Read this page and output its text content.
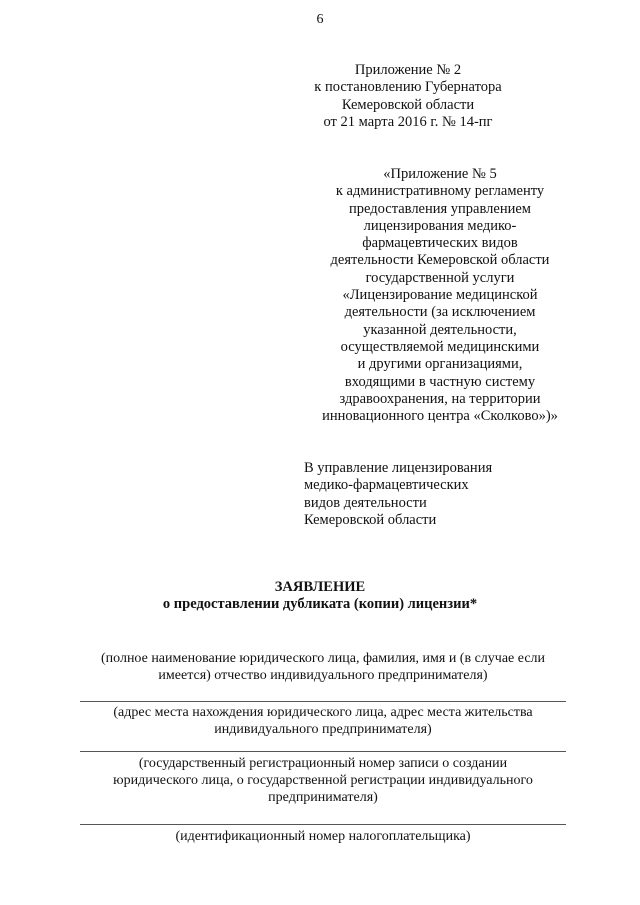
6
Приложение № 2
к постановлению Губернатора
Кемеровской области
от 21 марта 2016 г. № 14-пг
«Приложение № 5
к административному регламенту
предоставления управлением
лицензирования медико-
фармацевтических видов
деятельности Кемеровской области
государственной услуги
«Лицензирование медицинской
деятельности (за исключением
указанной деятельности,
осуществляемой медицинскими
и другими организациями,
входящими в частную систему
здравоохранения, на территории
инновационного центра «Сколково»)»
В управление лицензирования
медико-фармацевтических
видов деятельности
Кемеровской области
ЗАЯВЛЕНИЕ
о предоставлении дубликата (копии) лицензии*
(полное наименование юридического лица, фамилия, имя и (в случае если
имеется) отчество индивидуального предпринимателя)
(адрес места нахождения юридического лица, адрес места жительства
индивидуального предпринимателя)
(государственный регистрационный номер записи о создании
юридического лица, о государственной регистрации индивидуального
предпринимателя)
(идентификационный номер налогоплательщика)
